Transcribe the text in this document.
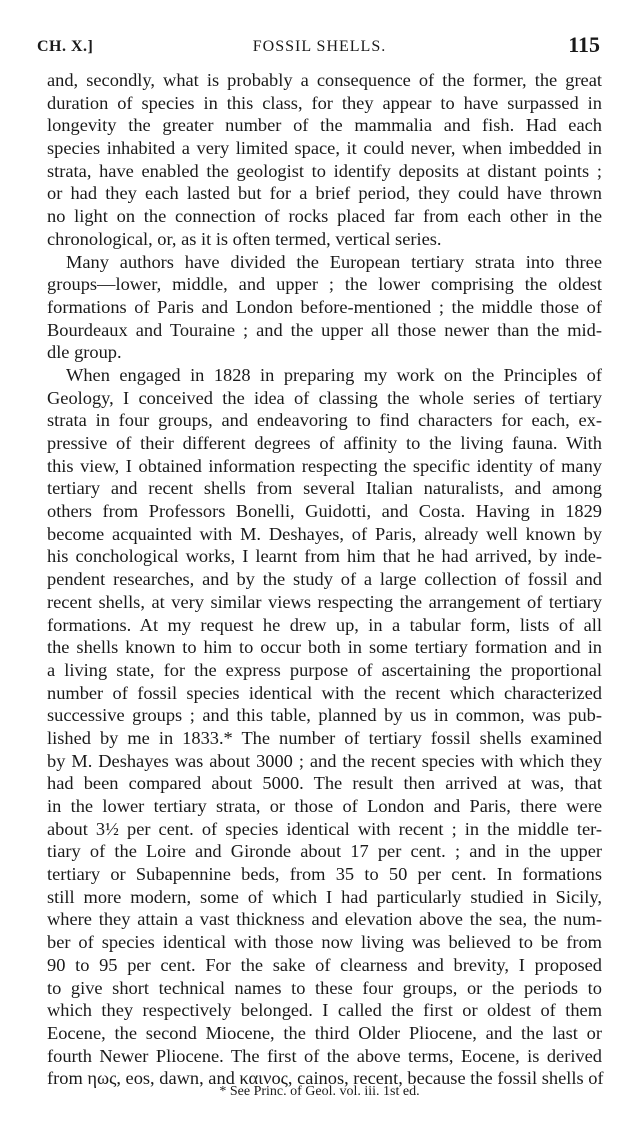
CH. X.]	FOSSIL SHELLS.	115
and, secondly, what is probably a consequence of the former, the great
duration of species in this class, for they appear to have surpassed in
longevity the greater number of the mammalia and fish. Had each
species inhabited a very limited space, it could never, when imbedded in
strata, have enabled the geologist to identify deposits at distant points ;
or had they each lasted but for a brief period, they could have thrown
no light on the connection of rocks placed far from each other in the
chronological, or, as it is often termed, vertical series.
Many authors have divided the European tertiary strata into three
groups—lower, middle, and upper ; the lower comprising the oldest
formations of Paris and London before-mentioned ; the middle those of
Bourdeaux and Touraine ; and the upper all those newer than the mid-
dle group.
When engaged in 1828 in preparing my work on the Principles of
Geology, I conceived the idea of classing the whole series of tertiary
strata in four groups, and endeavoring to find characters for each, ex-
pressive of their different degrees of affinity to the living fauna. With
this view, I obtained information respecting the specific identity of many
tertiary and recent shells from several Italian naturalists, and among
others from Professors Bonelli, Guidotti, and Costa. Having in 1829
become acquainted with M. Deshayes, of Paris, already well known by
his conchological works, I learnt from him that he had arrived, by inde-
pendent researches, and by the study of a large collection of fossil and
recent shells, at very similar views respecting the arrangement of tertiary
formations. At my request he drew up, in a tabular form, lists of all
the shells known to him to occur both in some tertiary formation and in
a living state, for the express purpose of ascertaining the proportional
number of fossil species identical with the recent which characterized
successive groups ; and this table, planned by us in common, was pub-
lished by me in 1833.* The number of tertiary fossil shells examined
by M. Deshayes was about 3000 ; and the recent species with which they
had been compared about 5000. The result then arrived at was, that
in the lower tertiary strata, or those of London and Paris, there were
about 3½ per cent. of species identical with recent ; in the middle ter-
tiary of the Loire and Gironde about 17 per cent. ; and in the upper
tertiary or Subapennine beds, from 35 to 50 per cent. In formations
still more modern, some of which I had particularly studied in Sicily,
where they attain a vast thickness and elevation above the sea, the num-
ber of species identical with those now living was believed to be from
90 to 95 per cent. For the sake of clearness and brevity, I proposed
to give short technical names to these four groups, or the periods to
which they respectively belonged. I called the first or oldest of them
Eocene, the second Miocene, the third Older Pliocene, and the last or
fourth Newer Pliocene. The first of the above terms, Eocene, is derived
from ηως, eos, dawn, and καινος, cainos, recent, because the fossil shells of
* See Princ. of Geol. vol. iii. 1st ed.
